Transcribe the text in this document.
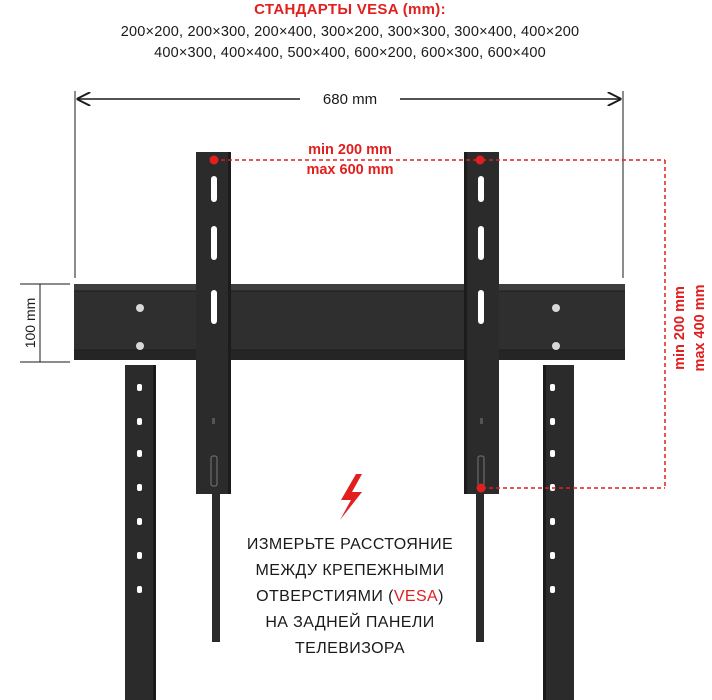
СТАНДАРТЫ VESA (mm):
200×200, 200×300, 200×400, 300×200, 300×300, 300×400, 400×200
400×300, 400×400, 500×400, 600×200, 600×300, 600×400
680 mm
100 mm
min 200 mm
max 600 mm
min 200 mm max 400 mm
ИЗМЕРЬТЕ РАССТОЯНИЕ
МЕЖДУ КРЕПЕЖНЫМИ
ОТВЕРСТИЯМИ (VESA)
НА ЗАДНЕЙ ПАНЕЛИ
ТЕЛЕВИЗОРА
